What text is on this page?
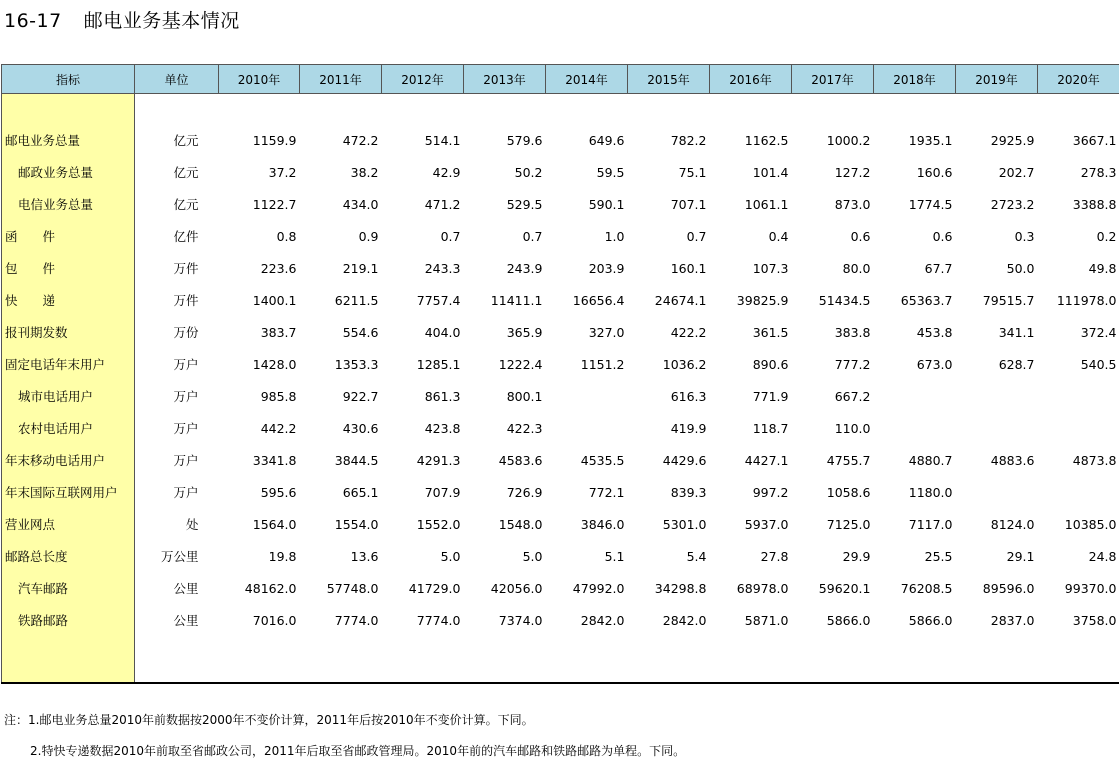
16-17 邮电业务基本情况
指标	单位	2010年	2011年	2012年	2013年	2014年	2015年	2016年	2017年	2018年	2019年	2020年

邮电业务总量	亿元	1159.9	472.2	514.1	579.6	649.6	782.2	1162.5	1000.2	1935.1	2925.9	3667.1
邮政业务总量	亿元	37.2	38.2	42.9	50.2	59.5	75.1	101.4	127.2	160.6	202.7	278.3
电信业务总量	亿元	1122.7	434.0	471.2	529.5	590.1	707.1	1061.1	873.0	1774.5	2723.2	3388.8
函　　件	亿件	0.8	0.9	0.7	0.7	1.0	0.7	0.4	0.6	0.6	0.3	0.2
包　　件	万件	223.6	219.1	243.3	243.9	203.9	160.1	107.3	80.0	67.7	50.0	49.8
快　　递	万件	1400.1	6211.5	7757.4	11411.1	16656.4	24674.1	39825.9	51434.5	65363.7	79515.7	111978.0
报刊期发数	万份	383.7	554.6	404.0	365.9	327.0	422.2	361.5	383.8	453.8	341.1	372.4
固定电话年末用户	万户	1428.0	1353.3	1285.1	1222.4	1151.2	1036.2	890.6	777.2	673.0	628.7	540.5
城市电话用户	万户	985.8	922.7	861.3	800.1		616.3	771.9	667.2			
农村电话用户	万户	442.2	430.6	423.8	422.3		419.9	118.7	110.0			
年末移动电话用户	万户	3341.8	3844.5	4291.3	4583.6	4535.5	4429.6	4427.1	4755.7	4880.7	4883.6	4873.8
年末国际互联网用户	万户	595.6	665.1	707.9	726.9	772.1	839.3	997.2	1058.6	1180.0		
营业网点	处	1564.0	1554.0	1552.0	1548.0	3846.0	5301.0	5937.0	7125.0	7117.0	8124.0	10385.0
邮路总长度	万公里	19.8	13.6	5.0	5.0	5.1	5.4	27.8	29.9	25.5	29.1	24.8
汽车邮路	公里	48162.0	57748.0	41729.0	42056.0	47992.0	34298.8	68978.0	59620.1	76208.5	89596.0	99370.0
铁路邮路	公里	7016.0	7774.0	7774.0	7374.0	2842.0	2842.0	5871.0	5866.0	5866.0	2837.0	3758.0

注：1.邮电业务总量2010年前数据按2000年不变价计算，2011年后按2010年不变价计算。下同。
2.特快专递数据2010年前取至省邮政公司，2011年后取至省邮政管理局。2010年前的汽车邮路和铁路邮路为单程。下同。
